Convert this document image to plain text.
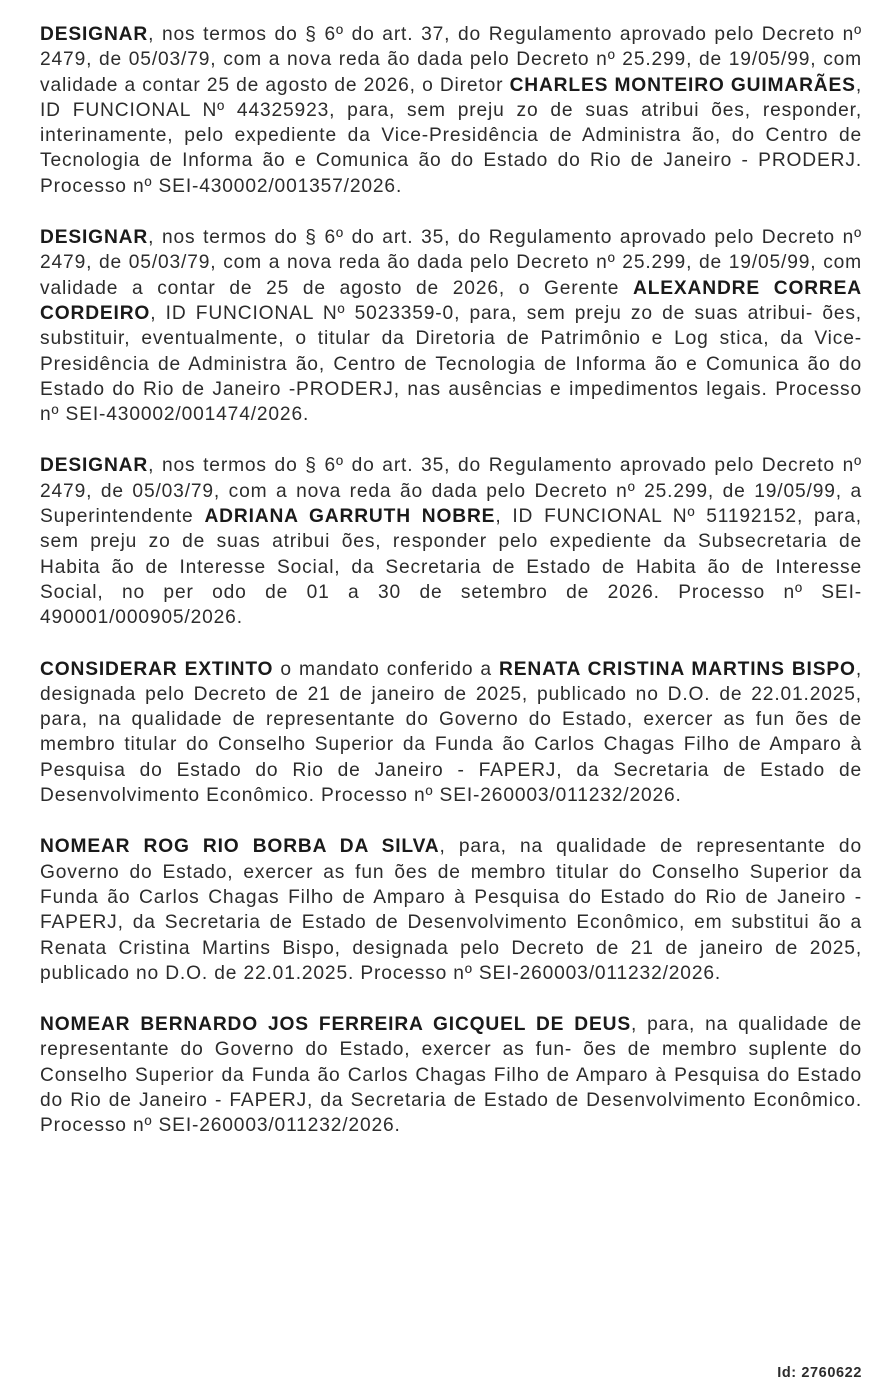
DESIGNAR, nos termos do § 6º do art. 37, do Regulamento aprovado pelo Decreto nº 2479, de 05/03/79, com a nova reda ão dada pelo Decreto nº 25.299, de 19/05/99, com validade a contar 25 de agosto de 2026, o Diretor CHARLES MONTEIRO GUIMARÃES, ID FUNCIONAL Nº 44325923, para, sem preju zo de suas atribui ões, responder, interinamente, pelo expediente da Vice-Presidência de Administra ão, do Centro de Tecnologia de Informa ão e Comunica ão do Estado do Rio de Janeiro - PRODERJ. Processo nº SEI-430002/001357/2026.

DESIGNAR, nos termos do § 6º do art. 35, do Regulamento aprovado pelo Decreto nº 2479, de 05/03/79, com a nova reda ão dada pelo Decreto nº 25.299, de 19/05/99, com validade a contar de 25 de agosto de 2026, o Gerente ALEXANDRE CORREA CORDEIRO, ID FUNCIONAL Nº 5023359-0, para, sem preju zo de suas atribui- ões, substituir, eventualmente, o titular da Diretoria de Patrimônio e Log stica, da Vice-Presidência de Administra ão, Centro de Tecnologia de Informa ão e Comunica ão do Estado do Rio de Janeiro -PRODERJ, nas ausências e impedimentos legais. Processo nº SEI-430002/001474/2026.

DESIGNAR, nos termos do § 6º do art. 35, do Regulamento aprovado pelo Decreto nº 2479, de 05/03/79, com a nova reda ão dada pelo Decreto nº 25.299, de 19/05/99, a Superintendente ADRIANA GARRUTH NOBRE, ID FUNCIONAL Nº 51192152, para, sem preju zo de suas atribui ões, responder pelo expediente da Subsecretaria de Habita ão de Interesse Social, da Secretaria de Estado de Habita ão de Interesse Social, no per odo de 01 a 30 de setembro de 2026. Processo nº SEI-490001/000905/2026.

CONSIDERAR EXTINTO o mandato conferido a RENATA CRISTINA MARTINS BISPO, designada pelo Decreto de 21 de janeiro de 2025, publicado no D.O. de 22.01.2025, para, na qualidade de representante do Governo do Estado, exercer as fun ões de membro titular do Conselho Superior da Funda ão Carlos Chagas Filho de Amparo à Pesquisa do Estado do Rio de Janeiro - FAPERJ, da Secretaria de Estado de Desenvolvimento Econômico. Processo nº SEI-260003/011232/2026.

NOMEAR ROG RIO BORBA DA SILVA, para, na qualidade de representante do Governo do Estado, exercer as fun ões de membro titular do Conselho Superior da Funda ão Carlos Chagas Filho de Amparo à Pesquisa do Estado do Rio de Janeiro - FAPERJ, da Secretaria de Estado de Desenvolvimento Econômico, em substitui ão a Renata Cristina Martins Bispo, designada pelo Decreto de 21 de janeiro de 2025, publicado no D.O. de 22.01.2025. Processo nº SEI-260003/011232/2026.

NOMEAR BERNARDO JOS FERREIRA GICQUEL DE DEUS, para, na qualidade de representante do Governo do Estado, exercer as fun- ões de membro suplente do Conselho Superior da Funda ão Carlos Chagas Filho de Amparo à Pesquisa do Estado do Rio de Janeiro - FAPERJ, da Secretaria de Estado de Desenvolvimento Econômico. Processo nº SEI-260003/011232/2026.

Id: 2760622
